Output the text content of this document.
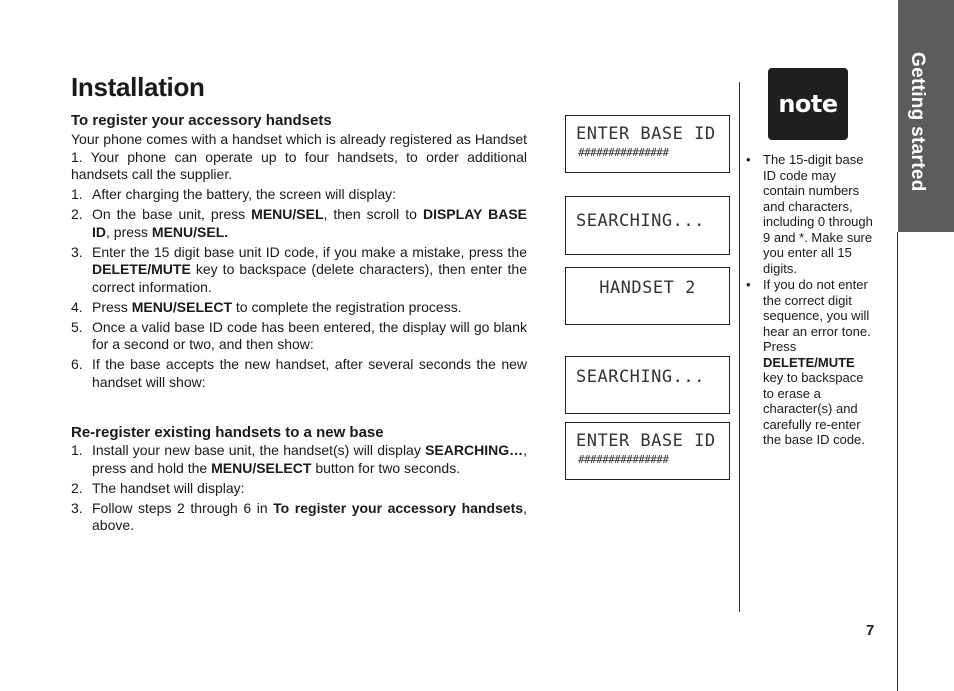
Installation
To register your accessory handsets

Your phone comes with a handset which is already registered as Handset 1. Your phone can operate up to four handsets, to order additional handsets call the supplier.

1. After charging the battery, the screen will display:
2. On the base unit, press MENU/SEL, then scroll to DISPLAY BASE ID, press MENU/SEL.
3. Enter the 15 digit base unit ID code, if you make a mistake, press the DELETE/MUTE key to backspace (delete characters), then enter the correct information.
4. Press MENU/SELECT to complete the registration process.
5. Once a valid base ID code has been entered, the display will go blank for a second or two, and then show:
6. If the base accepts the new handset, after several seconds the new handset will show:
Re-register existing handsets to a new base
1. Install your new base unit, the handset(s) will display SEARCHING…, press and hold the MENU/SELECT button for two seconds.
2. The handset will display:
3. Follow steps 2 through 6 in To register your accessory handsets, above.
ENTER BASE ID
###############
SEARCHING...
HANDSET 2
SEARCHING...
ENTER BASE ID
###############
note
• The 15-digit base ID code may contain numbers and characters, including 0 through 9 and *. Make sure you enter all 15 digits.
• If you do not enter the correct digit sequence, you will hear an error tone. Press DELETE/MUTE key to backspace to erase a character(s) and carefully re-enter the base ID code.
Getting started
7
